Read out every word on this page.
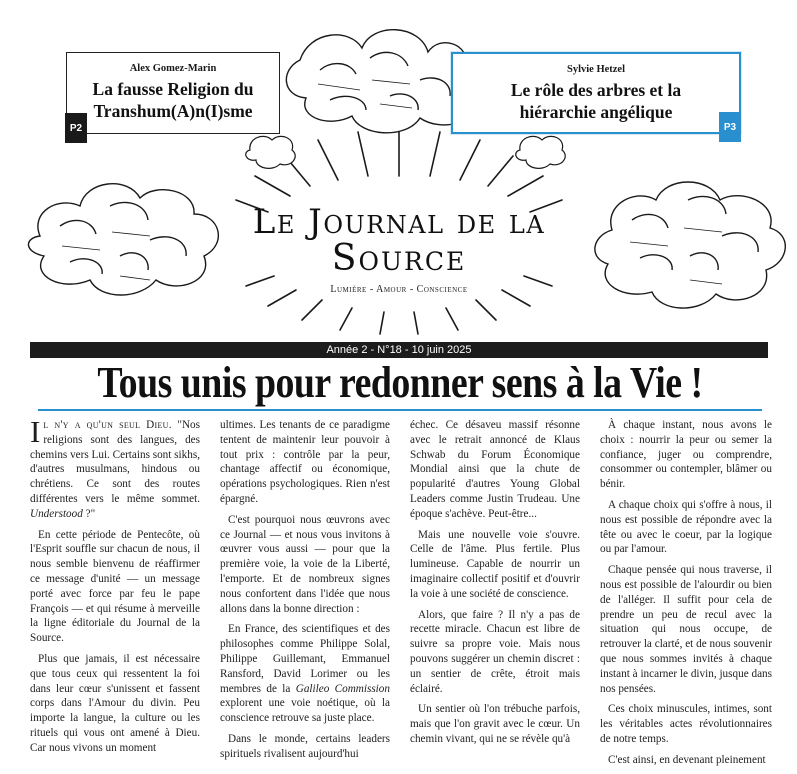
Alex Gomez-Marin
La fausse Religion du
Transhum(A)n(I)sme
P2
Sylvie Hetzel
Le rôle des arbres et la
hiérarchie angélique
P3
Le Journal de la
Source
Lumière - Amour - Conscience
Année 2 - N°18 - 10 juin 2025
Tous unis pour redonner sens à la Vie !

Il n'y a qu'un seul Dieu. "Nos religions sont des langues, des chemins vers Lui. Certains sont sikhs, d'autres musulmans, hindous ou chrétiens. Ce sont des routes différentes vers le même sommet. Understood ?"

En cette période de Pentecôte, où l'Esprit souffle sur chacun de nous, il nous semble bienvenu de réaffirmer ce message d'unité — un message porté avec force par feu le pape François — et qui résume à merveille la ligne éditoriale du Journal de la Source.

Plus que jamais, il est nécessaire que tous ceux qui ressentent la foi dans leur cœur s'unissent et fassent corps dans l'Amour du divin. Peu importe la langue, la culture ou les rituels qui vous ont amené à Dieu. Car nous vivons un moment

ultimes. Les tenants de ce paradigme tentent de maintenir leur pouvoir à tout prix : contrôle par la peur, chantage affectif ou économique, opérations psychologiques. Rien n'est épargné.

C'est pourquoi nous œuvrons avec ce Journal — et nous vous invitons à œuvrer vous aussi — pour que la première voie, la voie de la Liberté, l'emporte. Et de nombreux signes nous confortent dans l'idée que nous allons dans la bonne direction :

En France, des scientifiques et des philosophes comme Philippe Solal, Philippe Guillemant, Emmanuel Ransford, David Lorimer ou les membres de la Galileo Commission explorent une voie noétique, où la conscience retrouve sa juste place.

Dans le monde, certains leaders spirituels rivalisent aujourd'hui

échec. Ce désaveu massif résonne avec le retrait annoncé de Klaus Schwab du Forum Économique Mondial ainsi que la chute de popularité d'autres Young Global Leaders comme Justin Trudeau. Une époque s'achève. Peut-être...

Mais une nouvelle voie s'ouvre. Celle de l'âme. Plus fertile. Plus lumineuse. Capable de nourrir un imaginaire collectif positif et d'ouvrir la voie à une société de conscience.

Alors, que faire ? Il n'y a pas de recette miracle. Chacun est libre de suivre sa propre voie. Mais nous pouvons suggérer un chemin discret : un sentier de crête, étroit mais éclairé.

Un sentier où l'on trébuche parfois, mais que l'on gravit avec le cœur. Un chemin vivant, qui ne se révèle qu'à

À chaque instant, nous avons le choix : nourrir la peur ou semer la confiance, juger ou comprendre, consommer ou contempler, blâmer ou bénir.

A chaque choix qui s'offre à nous, il nous est possible de répondre avec la tête ou avec le coeur, par la logique ou par l'amour.

Chaque pensée qui nous traverse, il nous est possible de l'alourdir ou bien de l'alléger. Il suffit pour cela de prendre un peu de recul avec la situation qui nous occupe, de retrouver la clarté, et de nous souvenir que nous sommes invités à chaque instant à incarner le divin, jusque dans nos pensées.

Ces choix minuscules, intimes, sont les véritables actes révolutionnaires de notre temps.

C'est ainsi, en devenant pleinement
